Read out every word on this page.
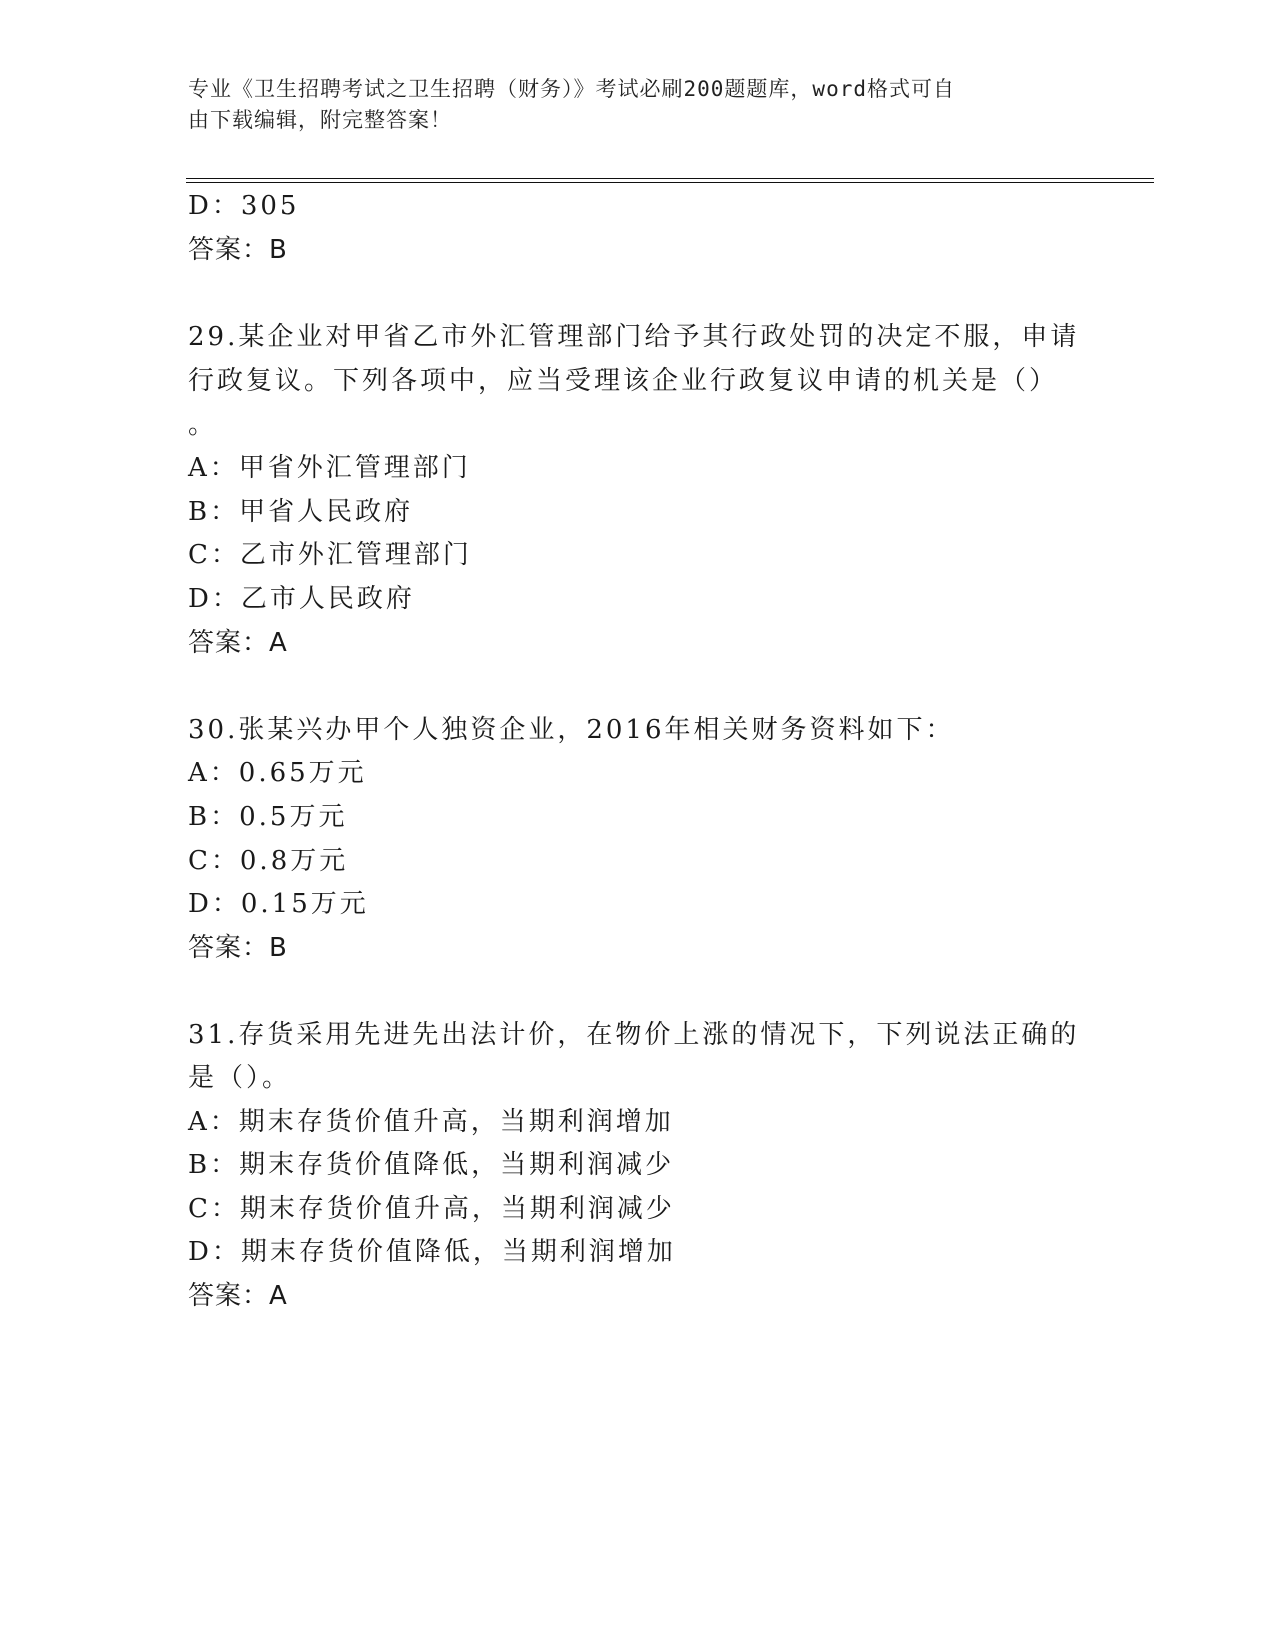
专业《卫生招聘考试之卫生招聘（财务）》考试必刷200题题库，word格式可自
由下载编辑，附完整答案！
D：305
答案：B
29.某企业对甲省乙市外汇管理部门给予其行政处罚的决定不服，申请
行政复议。下列各项中，应当受理该企业行政复议申请的机关是（）
。
A：甲省外汇管理部门
B：甲省人民政府
C：乙市外汇管理部门
D：乙市人民政府
答案：A
30.张某兴办甲个人独资企业，2016年相关财务资料如下：
A：0.65万元
B：0.5万元
C：0.8万元
D：0.15万元
答案：B
31.存货采用先进先出法计价，在物价上涨的情况下，下列说法正确的
是（）。
A：期末存货价值升高，当期利润增加
B：期末存货价值降低，当期利润减少
C：期末存货价值升高，当期利润减少
D：期末存货价值降低，当期利润增加
答案：A
